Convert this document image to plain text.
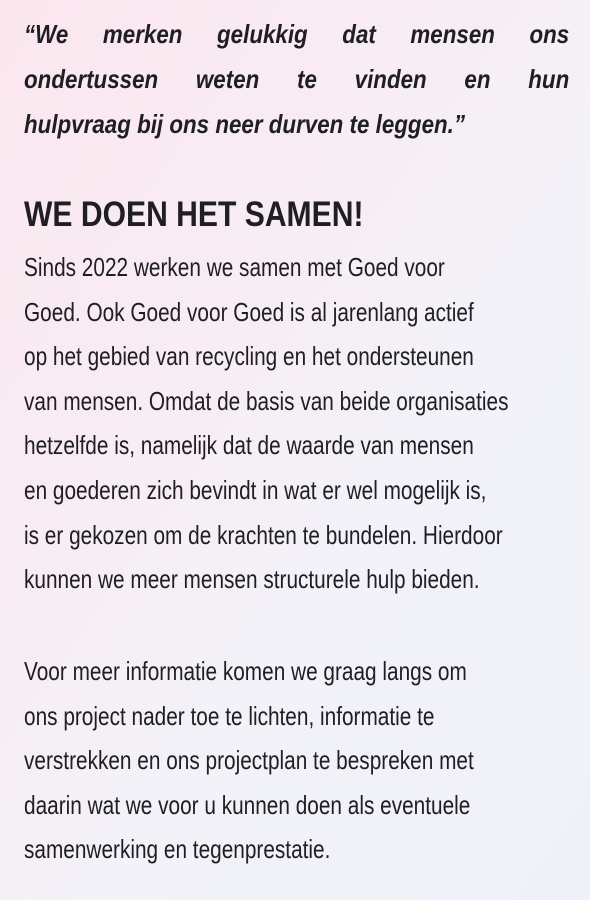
“We merken gelukkig dat mensen ons
ondertussen weten te vinden en hun
hulpvraag bij ons neer durven te leggen.”
WE DOEN HET SAMEN!
Sinds 2022 werken we samen met Goed voor
Goed. Ook Goed voor Goed is al jarenlang actief
op het gebied van recycling en het ondersteunen
van mensen. Omdat de basis van beide organisaties
hetzelfde is, namelijk dat de waarde van mensen
en goederen zich bevindt in wat er wel mogelijk is,
is er gekozen om de krachten te bundelen. Hierdoor
kunnen we meer mensen structurele hulp bieden.
Voor meer informatie komen we graag langs om
ons project nader toe te lichten, informatie te
verstrekken en ons projectplan te bespreken met
daarin wat we voor u kunnen doen als eventuele
samenwerking en tegenprestatie.
